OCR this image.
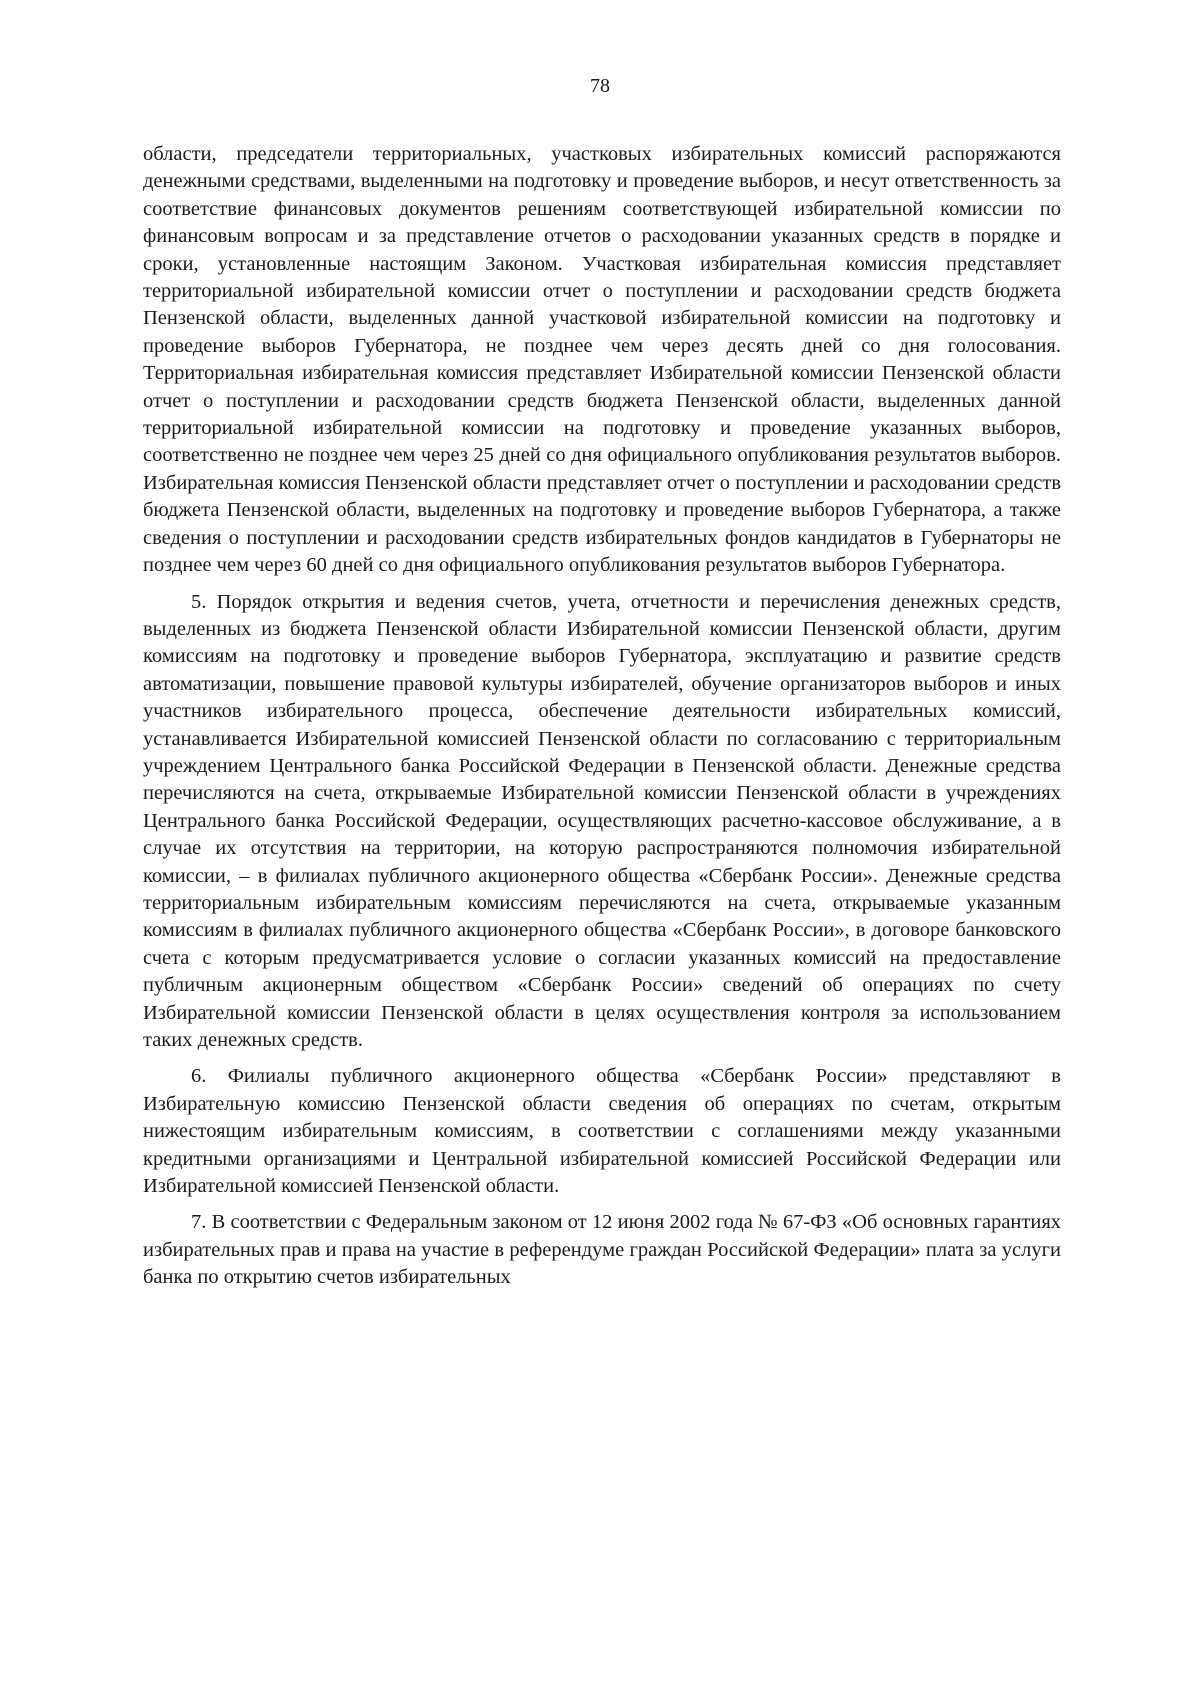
78

области, председатели территориальных, участковых избирательных комиссий распоряжаются денежными средствами, выделенными на подготовку и проведение выборов, и несут ответственность за соответствие финансовых документов решениям соответствующей избирательной комиссии по финансовым вопросам и за представление отчетов о расходовании указанных средств в порядке и сроки, установленные настоящим Законом. Участковая избирательная комиссия представляет территориальной избирательной комиссии отчет о поступлении и расходовании средств бюджета Пензенской области, выделенных данной участковой избирательной комиссии на подготовку и проведение выборов Губернатора, не позднее чем через десять дней со дня голосования. Территориальная избирательная комиссия представляет Избирательной комиссии Пензенской области отчет о поступлении и расходовании средств бюджета Пензенской области, выделенных данной территориальной избирательной комиссии на подготовку и проведение указанных выборов, соответственно не позднее чем через 25 дней со дня официального опубликования результатов выборов. Избирательная комиссия Пензенской области представляет отчет о поступлении и расходовании средств бюджета Пензенской области, выделенных на подготовку и проведение выборов Губернатора, а также сведения о поступлении и расходовании средств избирательных фондов кандидатов в Губернаторы не позднее чем через 60 дней со дня официального опубликования результатов выборов Губернатора.

5. Порядок открытия и ведения счетов, учета, отчетности и перечисления денежных средств, выделенных из бюджета Пензенской области Избирательной комиссии Пензенской области, другим комиссиям на подготовку и проведение выборов Губернатора, эксплуатацию и развитие средств автоматизации, повышение правовой культуры избирателей, обучение организаторов выборов и иных участников избирательного процесса, обеспечение деятельности избирательных комиссий, устанавливается Избирательной комиссией Пензенской области по согласованию с территориальным учреждением Центрального банка Российской Федерации в Пензенской области. Денежные средства перечисляются на счета, открываемые Избирательной комиссии Пензенской области в учреждениях Центрального банка Российской Федерации, осуществляющих расчетно-кассовое обслуживание, а в случае их отсутствия на территории, на которую распространяются полномочия избирательной комиссии, – в филиалах публичного акционерного общества «Сбербанк России». Денежные средства территориальным избирательным комиссиям перечисляются на счета, открываемые указанным комиссиям в филиалах публичного акционерного общества «Сбербанк России», в договоре банковского счета с которым предусматривается условие о согласии указанных комиссий на предоставление публичным акционерным обществом «Сбербанк России» сведений об операциях по счету Избирательной комиссии Пензенской области в целях осуществления контроля за использованием таких денежных средств.

6. Филиалы публичного акционерного общества «Сбербанк России» представляют в Избирательную комиссию Пензенской области сведения об операциях по счетам, открытым нижестоящим избирательным комиссиям, в соответствии с соглашениями между указанными кредитными организациями и Центральной избирательной комиссией Российской Федерации или Избирательной комиссией Пензенской области.

7. В соответствии с Федеральным законом от 12 июня 2002 года № 67-ФЗ «Об основных гарантиях избирательных прав и права на участие в референдуме граждан Российской Федерации» плата за услуги банка по открытию счетов избирательных
